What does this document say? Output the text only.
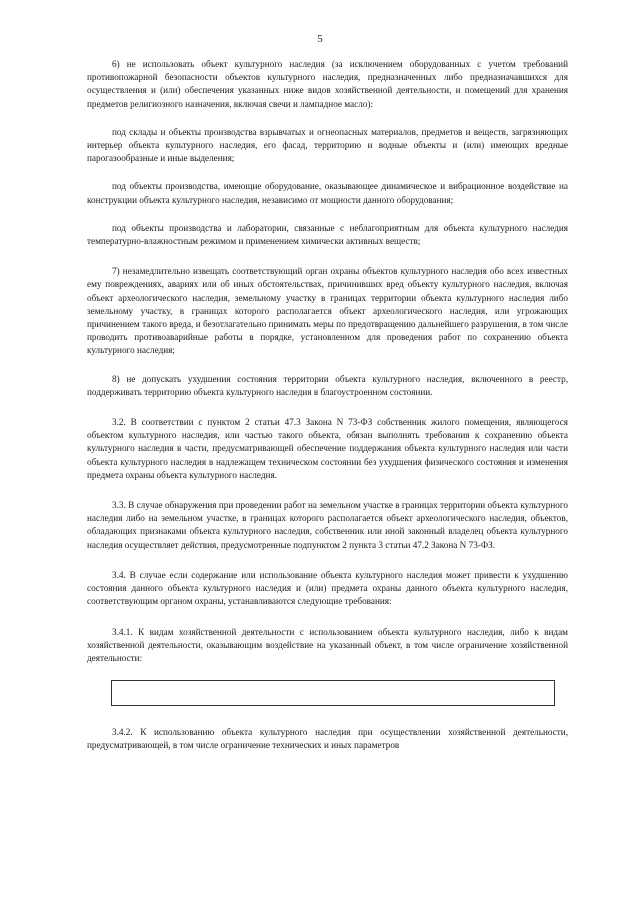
5

6) не использовать объект культурного наследия (за исключением оборудованных с учетом требований противопожарной безопасности объектов культурного наследия, предназначенных либо предназначавшихся для осуществления и (или) обеспечения указанных ниже видов хозяйственной деятельности, и помещений для хранения предметов религиозного назначения, включая свечи и лампадное масло):

под склады и объекты производства взрывчатых и огнеопасных материалов, предметов и веществ, загрязняющих интерьер объекта культурного наследия, его фасад, территорию и водные объекты и (или) имеющих вредные парогазообразные и иные выделения;

под объекты производства, имеющие оборудование, оказывающее динамическое и вибрационное воздействие на конструкции объекта культурного наследия, независимо от мощности данного оборудования;

под объекты производства и лаборатории, связанные с неблагоприятным для объекта культурного наследия температурно-влажностным режимом и применением химически активных веществ;

7) незамедлительно извещать соответствующий орган охраны объектов культурного наследия обо всех известных ему повреждениях, авариях или об иных обстоятельствах, причинивших вред объекту культурного наследия, включая объект археологического наследия, земельному участку в границах территории объекта культурного наследия либо земельному участку, в границах которого располагается объект археологического наследия, или угрожающих причинением такого вреда, и безотлагательно принимать меры по предотвращению дальнейшего разрушения, в том числе проводить противоаварийные работы в порядке, установленном для проведения работ по сохранению объекта культурного наследия;

8) не допускать ухудшения состояния территории объекта культурного наследия, включенного в реестр, поддерживать территорию объекта культурного наследия в благоустроенном состоянии.

3.2. В соответствии с пунктом 2 статьи 47.3 Закона N 73-ФЗ собственник жилого помещения, являющегося объектом культурного наследия, или частью такого объекта, обязан выполнять требования к сохранению объекта культурного наследия в части, предусматривающей обеспечение поддержания объекта культурного наследия или части объекта культурного наследия в надлежащем техническом состоянии без ухудшения физического состояния и изменения предмета охраны объекта культурного наследия.

3.3. В случае обнаружения при проведении работ на земельном участке в границах территории объекта культурного наследия либо на земельном участке, в границах которого располагается объект археологического наследия, объектов, обладающих признаками объекта культурного наследия, собственник или иной законный владелец объекта культурного наследия осуществляет действия, предусмотренные подпунктом 2 пункта 3 статьи 47.2 Закона N 73-ФЗ.

3.4. В случае если содержание или использование объекта культурного наследия может привести к ухудшению состояния данного объекта культурного наследия и (или) предмета охраны данного объекта культурного наследия, соответствующим органом охраны, устанавливаются следующие требования:

3.4.1. К видам хозяйственной деятельности с использованием объекта культурного наследия, либо к видам хозяйственной деятельности, оказывающим воздействие на указанный объект, в том числе ограничение хозяйственной деятельности:

3.4.2. К использованию объекта культурного наследия при осуществлении хозяйственной деятельности, предусматривающей, в том числе ограничение технических и иных параметров
